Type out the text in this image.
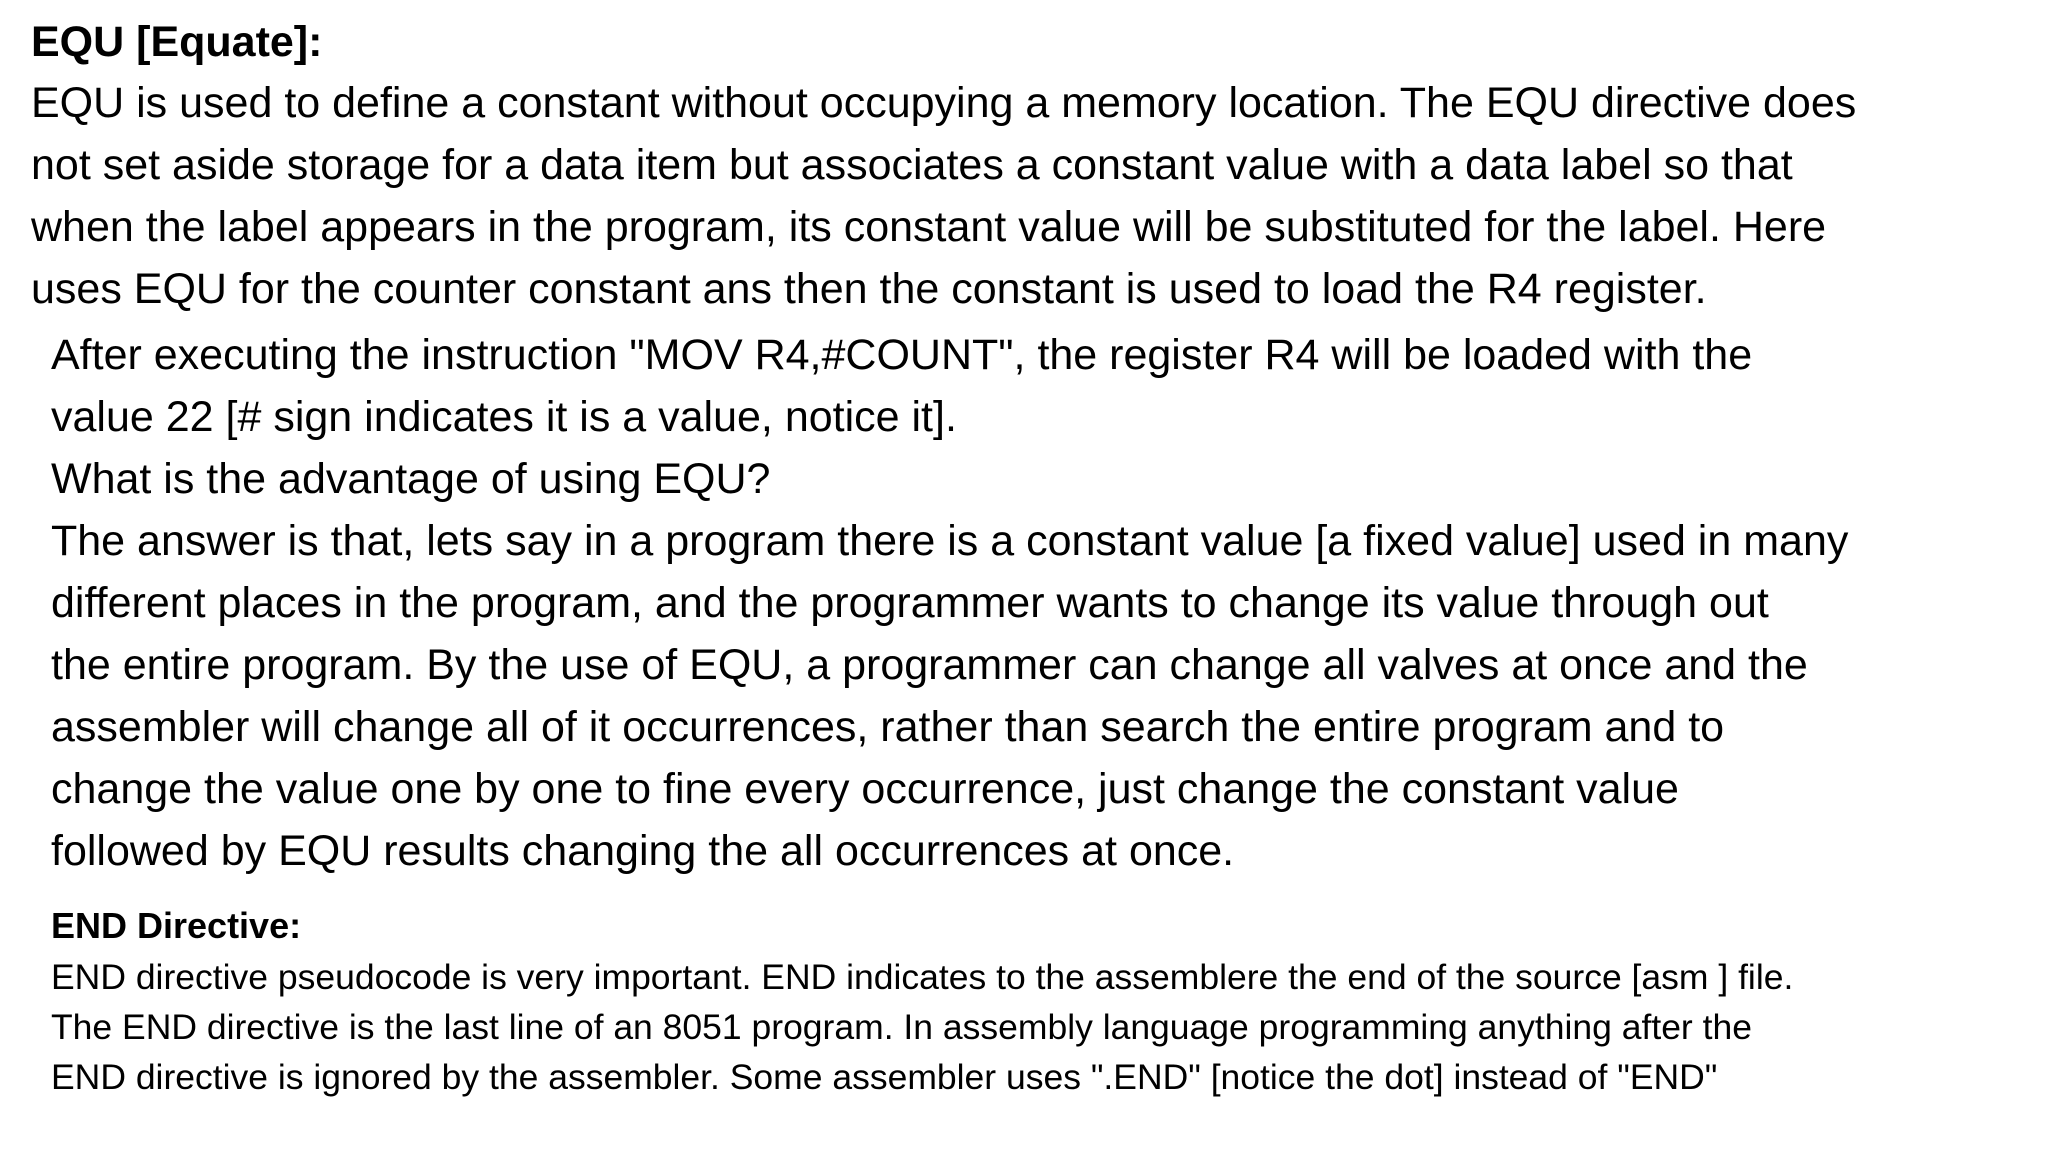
EQU [Equate]:

EQU is used to define a constant without occupying a memory location. The EQU directive does

not set aside storage for a data item but associates a constant value with a data label so that

when the label appears in the program, its constant value will be substituted for the label. Here

uses EQU for the counter constant ans then the constant is used to load the R4 register.

After executing the instruction "MOV R4,#COUNT", the register R4 will be loaded with the

value 22 [# sign indicates it is a value, notice it].

What is the advantage of using EQU?

The answer is that, lets say in a program there is a constant value [a fixed value] used in many

different places in the program, and the programmer wants to change its value through out

the entire program. By the use of EQU, a programmer can change all valves at once and the

assembler will change all of it occurrences, rather than search the entire program and to

change the value one by one to fine every occurrence, just change the constant value

followed by EQU results changing the all occurrences at once.

END Directive:

END directive pseudocode is very important. END indicates to the assemblere the end of the source [asm ] file.

The END directive is the last line of an 8051 program. In assembly language programming anything after the

END directive is ignored by the assembler. Some assembler uses ".END" [notice the dot] instead of "END"
